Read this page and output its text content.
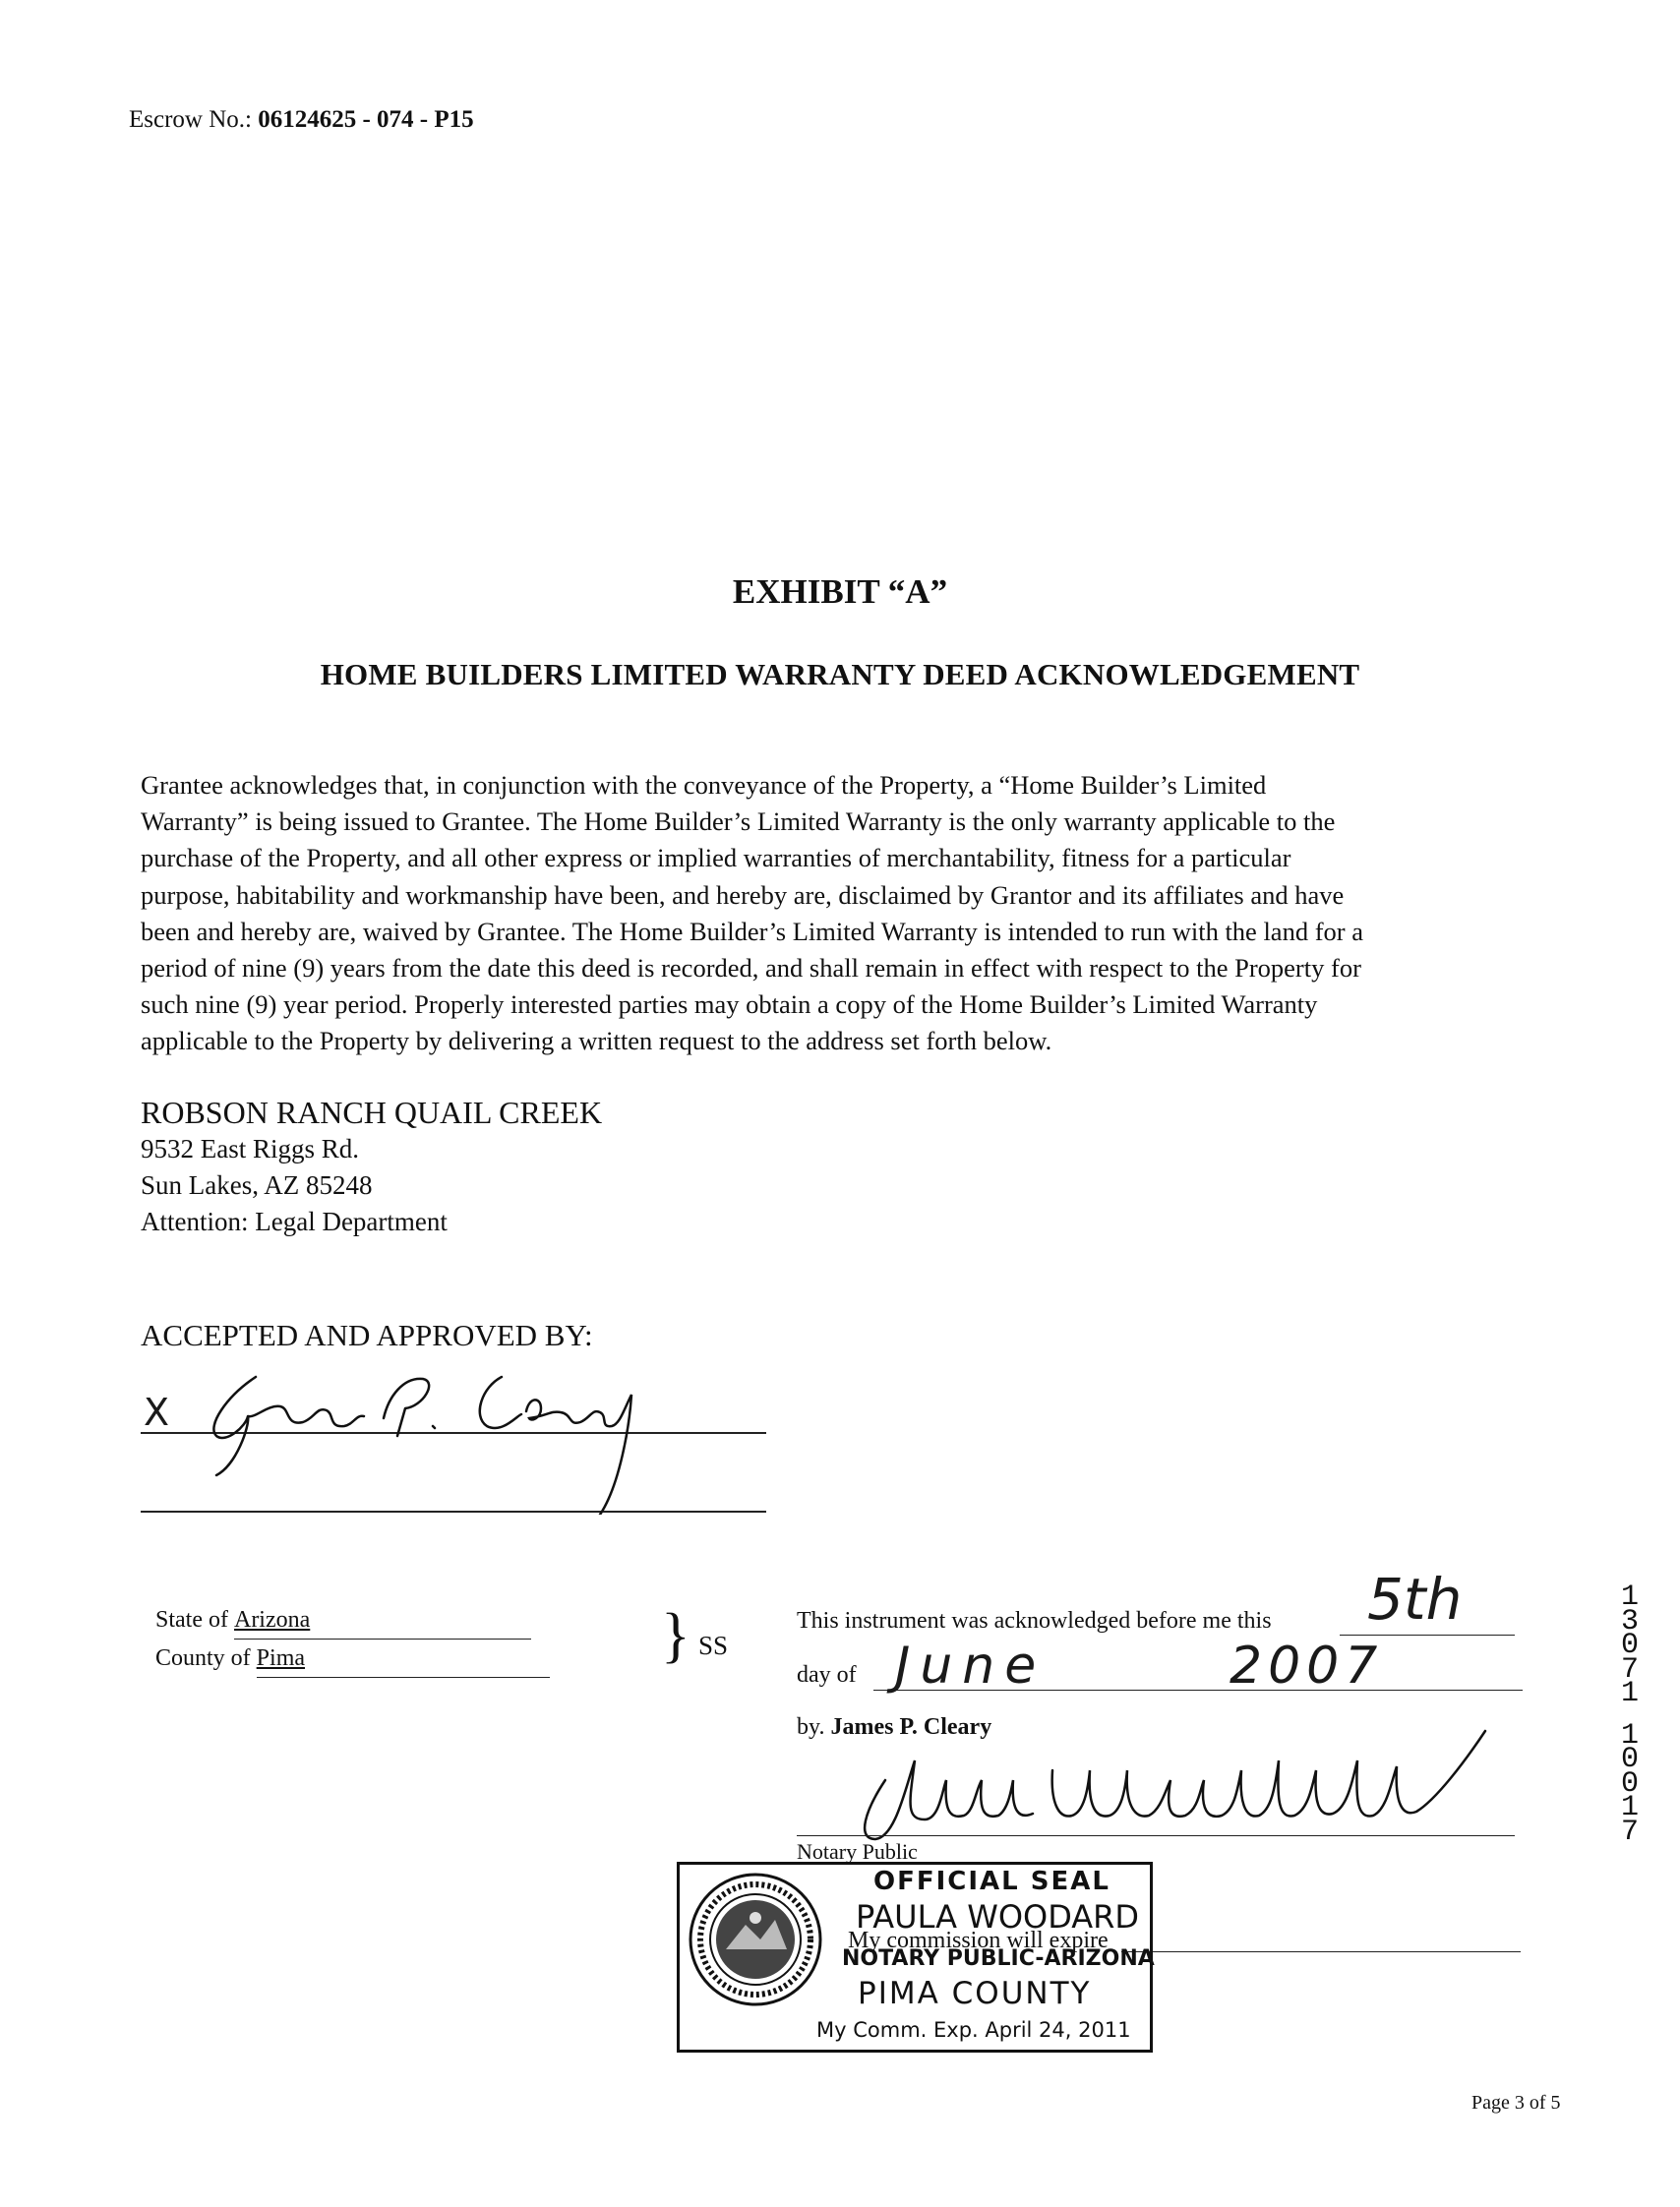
Escrow No.: 06124625 - 074 - P15
EXHIBIT “A”
HOME BUILDERS LIMITED WARRANTY DEED ACKNOWLEDGEMENT
Grantee acknowledges that, in conjunction with the conveyance of the Property, a “Home Builder’s Limited
Warranty” is being issued to Grantee. The Home Builder’s Limited Warranty is the only warranty applicable to the
purchase of the Property, and all other express or implied warranties of merchantability, fitness for a particular
purpose, habitability and workmanship have been, and hereby are, disclaimed by Grantor and its affiliates and have
been and hereby are, waived by Grantee. The Home Builder’s Limited Warranty is intended to run with the land for a
period of nine (9) years from the date this deed is recorded, and shall remain in effect with respect to the Property for
such nine (9) year period. Properly interested parties may obtain a copy of the Home Builder’s Limited Warranty
applicable to the Property by delivering a written request to the address set forth below.
ROBSON RANCH QUAIL CREEK
9532 East Riggs Rd.
Sun Lakes, AZ 85248
Attention: Legal Department
ACCEPTED AND APPROVED BY:
X
State of Arizona
County of Pima	} SS
This instrument was acknowledged before me this 5th
day of June	2007
by. James P. Cleary
Notary Public
My commission will expire
OFFICIAL SEAL
PAULA WOODARD
NOTARY PUBLIC-ARIZONA
PIMA COUNTY
My Comm. Exp. April 24, 2011
1
3
0
7
1
1
0
0
1
7
Page 3 of 5
